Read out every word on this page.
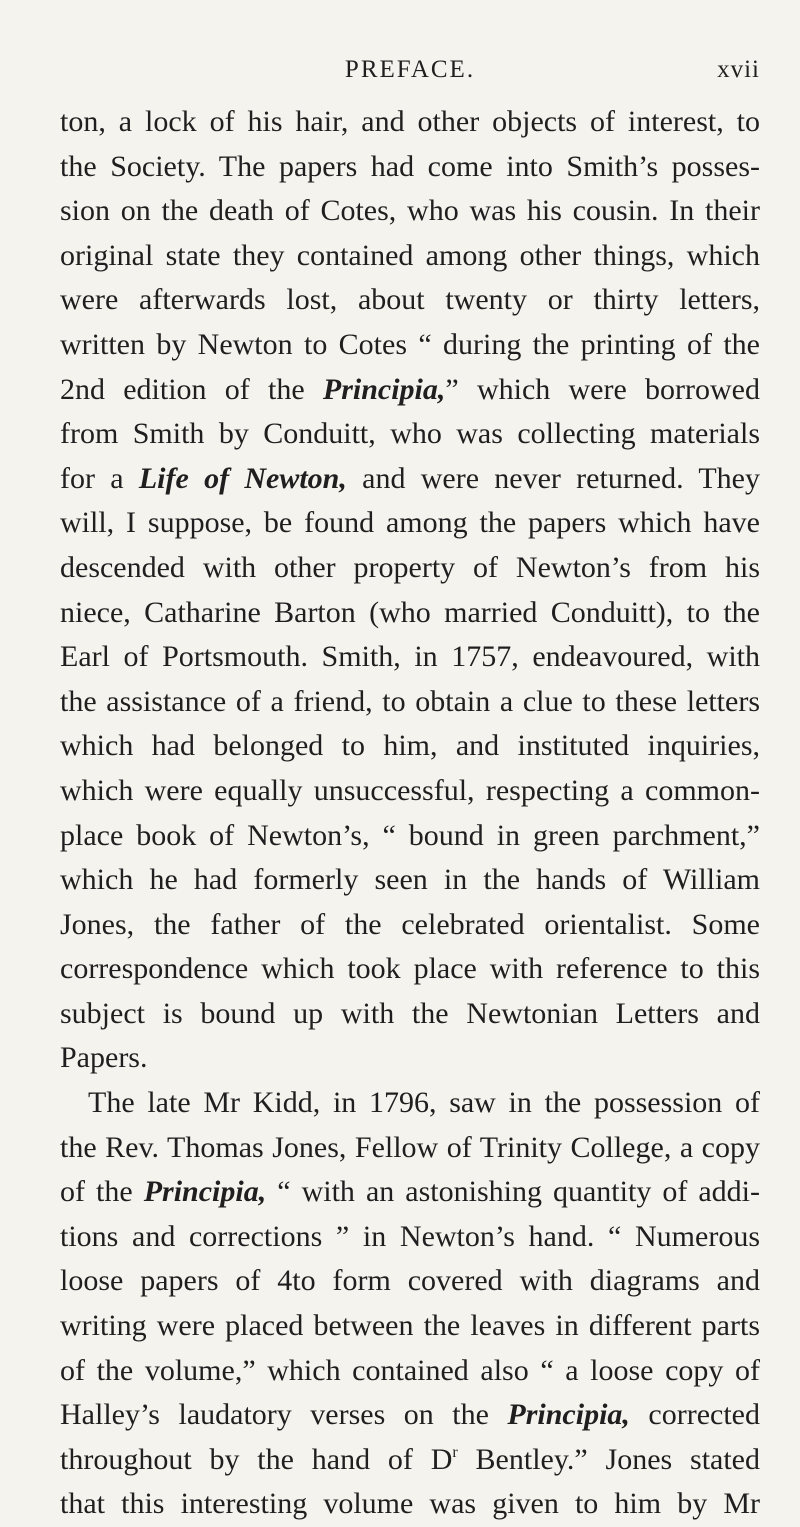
PREFACE.	xvii
ton, a lock of his hair, and other objects of interest, to
the Society. The papers had come into Smith’s posses-
sion on the death of Cotes, who was his cousin. In their
original state they contained among other things, which
were afterwards lost, about twenty or thirty letters,
written by Newton to Cotes “ during the printing of the
2nd edition of the Principia,” which were borrowed
from Smith by Conduitt, who was collecting materials
for a Life of Newton, and were never returned. They
will, I suppose, be found among the papers which have
descended with other property of Newton’s from his
niece, Catharine Barton (who married Conduitt), to the
Earl of Portsmouth. Smith, in 1757, endeavoured, with
the assistance of a friend, to obtain a clue to these letters
which had belonged to him, and instituted inquiries,
which were equally unsuccessful, respecting a common-
place book of Newton’s, “ bound in green parchment,”
which he had formerly seen in the hands of William
Jones, the father of the celebrated orientalist. Some
correspondence which took place with reference to this
subject is bound up with the Newtonian Letters and
Papers.
The late Mr Kidd, in 1796, saw in the possession of
the Rev. Thomas Jones, Fellow of Trinity College, a copy
of the Principia, “ with an astonishing quantity of addi-
tions and corrections ” in Newton’s hand. “ Numerous
loose papers of 4to form covered with diagrams and
writing were placed between the leaves in different parts
of the volume,” which contained also “ a loose copy of
Halley’s laudatory verses on the Principia, corrected
throughout by the hand of $D^r$ Bentley.” Jones stated
that this interesting volume was given to him by Mr
